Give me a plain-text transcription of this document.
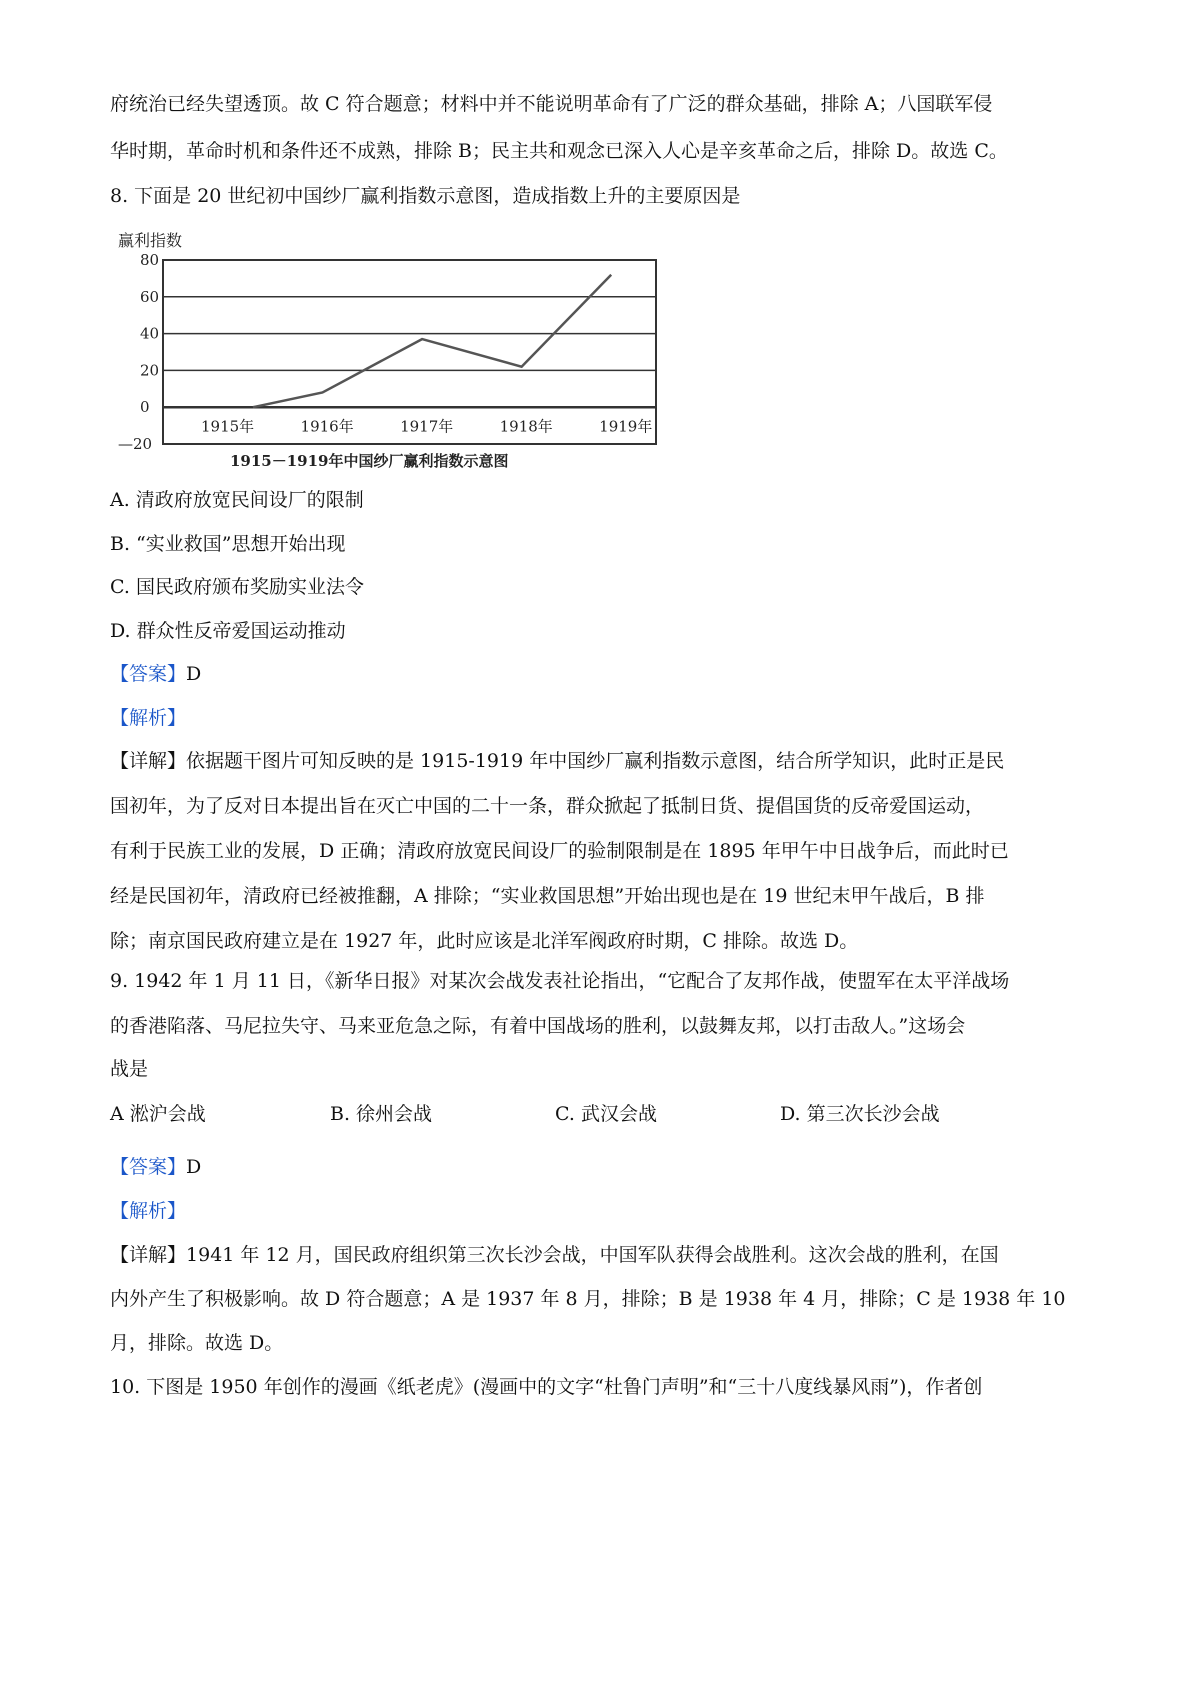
府统治已经失望透顶。故 C 符合题意；材料中并不能说明革命有了广泛的群众基础，排除 A；八国联军侵
华时期，革命时机和条件还不成熟，排除 B；民主共和观念已深入人心是辛亥革命之后，排除 D。故选 C。
8. 下面是 20 世纪初中国纱厂赢利指数示意图，造成指数上升的主要原因是
赢利指数
80
60
40
20
0
—20
1915年	1916年	1917年	1918年	1919年
1915－1919年中国纱厂赢利指数示意图
A. 清政府放宽民间设厂的限制
B. “实业救国”思想开始出现
C. 国民政府颁布奖励实业法令
D. 群众性反帝爱国运动推动
【答案】D
【解析】
【详解】依据题干图片可知反映的是 1915-1919 年中国纱厂赢利指数示意图，结合所学知识，此时正是民
国初年，为了反对日本提出旨在灭亡中国的二十一条，群众掀起了抵制日货、提倡国货的反帝爱国运动，
有利于民族工业的发展，D 正确；清政府放宽民间设厂的验制限制是在 1895 年甲午中日战争后，而此时已
经是民国初年，清政府已经被推翻，A 排除；“实业救国思想”开始出现也是在 19 世纪末甲午战后，B 排
除；南京国民政府建立是在 1927 年，此时应该是北洋军阀政府时期，C 排除。故选 D。
9. 1942 年 1 月 11 日，《新华日报》对某次会战发表社论指出，“它配合了友邦作战，使盟军在太平洋战场
的香港陷落、马尼拉失守、马来亚危急之际，有着中国战场的胜利，以鼓舞友邦，以打击敌人。”这场会
战是
A 淞沪会战	B. 徐州会战	C. 武汉会战	D. 第三次长沙会战
【答案】D
【解析】
【详解】1941 年 12 月，国民政府组织第三次长沙会战，中国军队获得会战胜利。这次会战的胜利，在国
内外产生了积极影响。故 D 符合题意；A 是 1937 年 8 月，排除；B 是 1938 年 4 月，排除；C 是 1938 年 10
月，排除。故选 D。
10. 下图是 1950 年创作的漫画《纸老虎》(漫画中的文字“杜鲁门声明”和“三十八度线暴风雨”)，作者创
